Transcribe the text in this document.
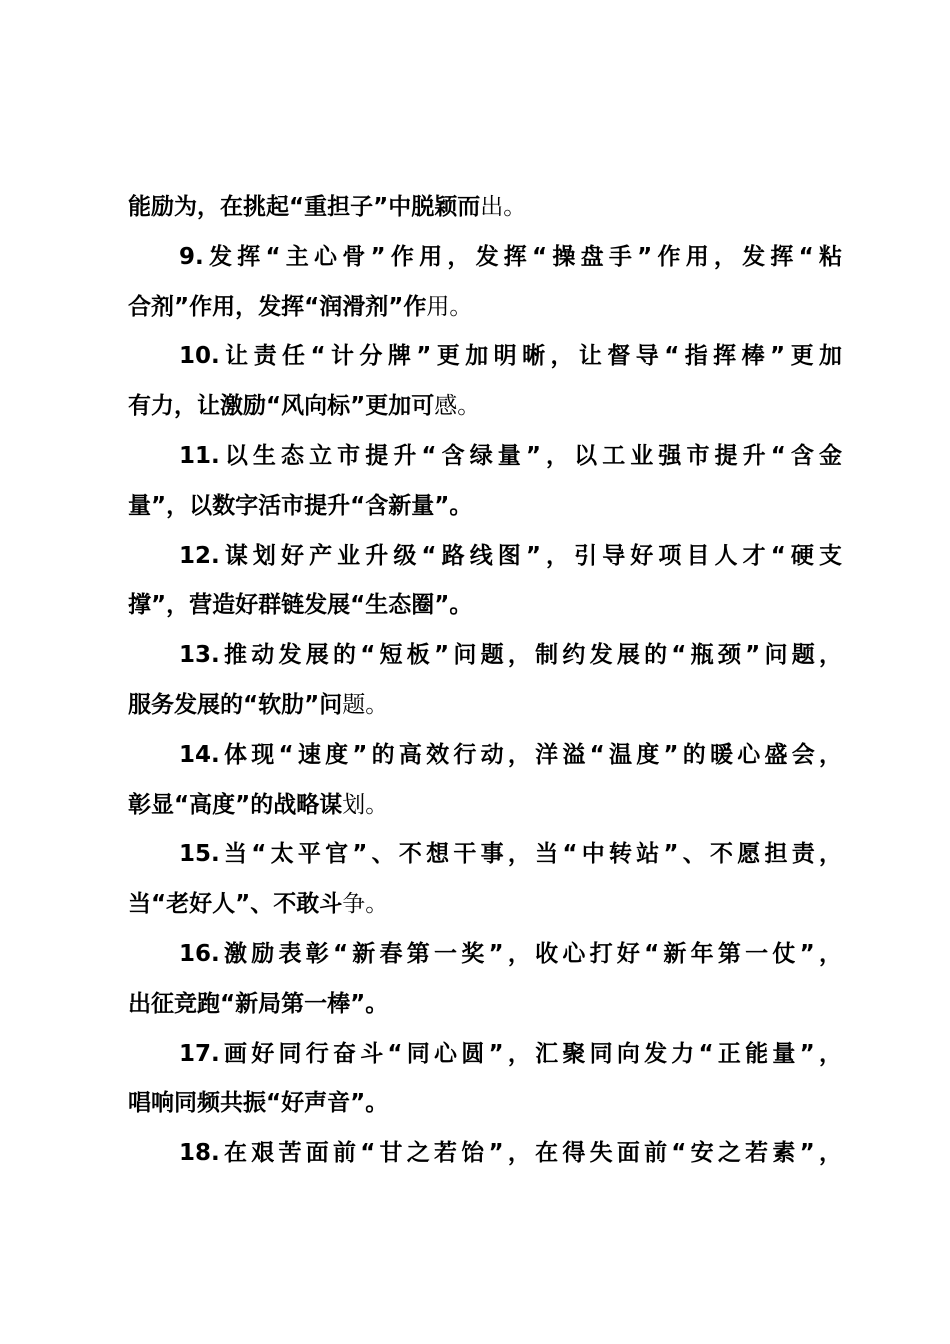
能励为，在挑起“重担子”中脱颖而出。
9.发挥“主心骨”作用，发挥“操盘手”作用，发挥“粘
合剂”作用，发挥“润滑剂”作用。
10.让责任“计分牌”更加明晰，让督导“指挥棒”更加
有力，让激励“风向标”更加可感。
11.以生态立市提升“含绿量”，以工业强市提升“含金
量”，以数字活市提升“含新量”。
12.谋划好产业升级“路线图”，引导好项目人才“硬支
撑”，营造好群链发展“生态圈”。
13.推动发展的“短板”问题，制约发展的“瓶颈”问题，
服务发展的“软肋”问题。
14.体现“速度”的高效行动，洋溢“温度”的暖心盛会，
彰显“高度”的战略谋划。
15.当“太平官”、不想干事，当“中转站”、不愿担责，
当“老好人”、不敢斗争。
16.激励表彰“新春第一奖”，收心打好“新年第一仗”，
出征竞跑“新局第一棒”。
17.画好同行奋斗“同心圆”，汇聚同向发力“正能量”，
唱响同频共振“好声音”。
18.在艰苦面前“甘之若饴”，在得失面前“安之若素”，
